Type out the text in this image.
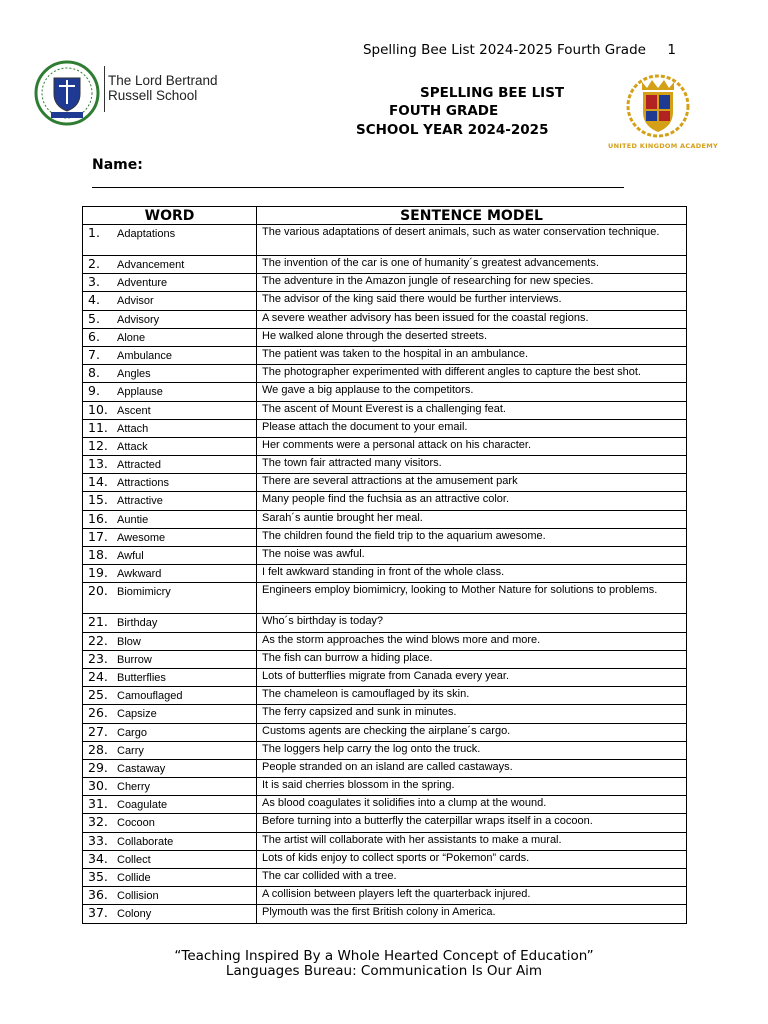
Spelling Bee List 2024-2025 Fourth Grade     1
The Lord Bertrand
Russell School	SPELLING BEE LIST
FOUTH GRADE
SCHOOL YEAR 2024-2025
UNITED KINGDOM ACADEMY
Name:
WORD	SENTENCE MODEL
1. Adaptations	The various adaptations of desert animals, such as water conservation technique.
2. Advancement	The invention of the car is one of humanity´s greatest advancements.
3. Adventure	The adventure in the Amazon jungle of researching for new species.
4. Advisor	The advisor of the king said there would be further interviews.
5. Advisory	A severe weather advisory has been issued for the coastal regions.
6. Alone	He walked alone through the deserted streets.
7. Ambulance	The patient was taken to the hospital in an ambulance.
8. Angles	The photographer experimented with different angles to capture the best shot.
9. Applause	We gave a big applause to the competitors.
10. Ascent	The ascent of Mount Everest is a challenging feat.
11. Attach	Please attach the document to your email.
12. Attack	Her comments were a personal attack on his character.
13. Attracted	The town fair attracted many visitors.
14. Attractions	There are several attractions at the amusement park
15. Attractive	Many people find the fuchsia as an attractive color.
16. Auntie	Sarah´s auntie brought her meal.
17. Awesome	The children found the field trip to the aquarium awesome.
18. Awful	The noise was awful.
19. Awkward	I felt awkward standing in front of the whole class.
20. Biomimicry	Engineers employ biomimicry, looking to Mother Nature for solutions to problems.
21. Birthday	Who´s birthday is today?
22. Blow	As the storm approaches the wind blows more and more.
23. Burrow	The fish can burrow a hiding place.
24. Butterflies	Lots of butterflies migrate from Canada every year.
25. Camouflaged	The chameleon is camouflaged by its skin.
26. Capsize	The ferry capsized and sunk in minutes.
27. Cargo	Customs agents are checking the airplane´s cargo.
28. Carry	The loggers help carry the log onto the truck.
29. Castaway	People stranded on an island are called castaways.
30. Cherry	It is said cherries blossom in the spring.
31. Coagulate	As blood coagulates it solidifies into a clump at the wound.
32. Cocoon	Before turning into a butterfly the caterpillar wraps itself in a cocoon.
33. Collaborate	The artist will collaborate with her assistants to make a mural.
34. Collect	Lots of kids enjoy to collect sports or “Pokemon” cards.
35. Collide	The car collided with a tree.
36. Collision	A collision between players left the quarterback injured.
37. Colony	Plymouth was the first British colony in America.
“Teaching Inspired By a Whole Hearted Concept of Education”
Languages Bureau: Communication Is Our Aim
